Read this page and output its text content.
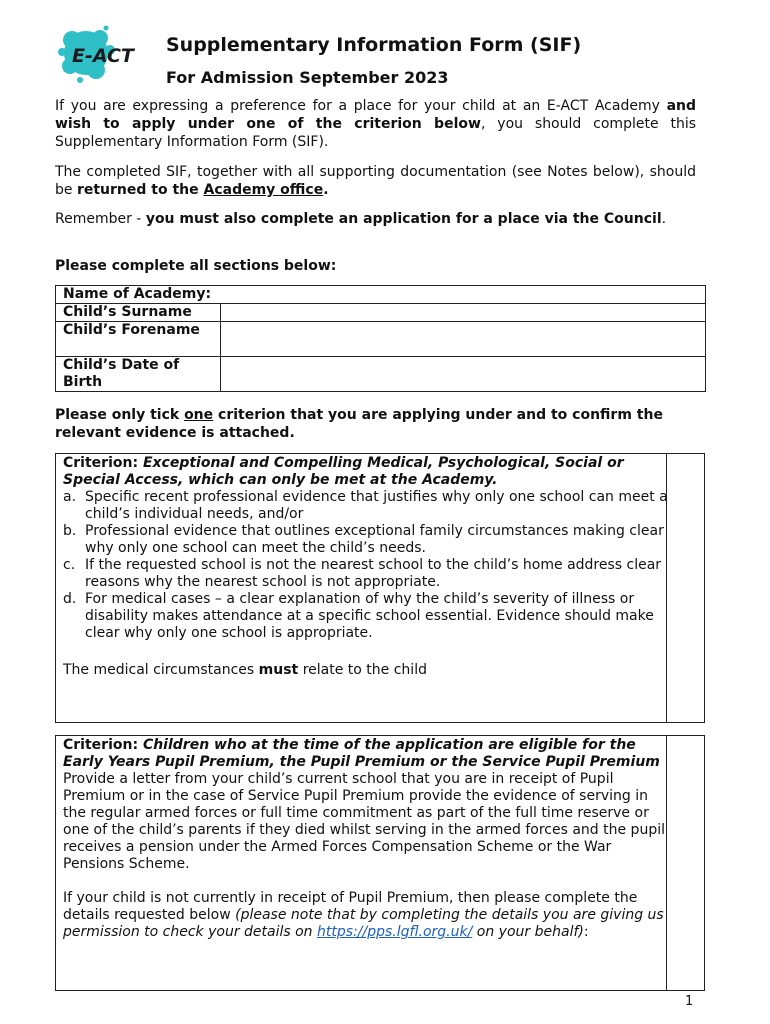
E-ACT Supplementary Information Form (SIF)
For Admission September 2023
If you are expressing a preference for a place for your child at an E-ACT Academy and wish to apply under one of the criterion below, you should complete this Supplementary Information Form (SIF).
The completed SIF, together with all supporting documentation (see Notes below), should be returned to the Academy office.
Remember - you must also complete an application for a place via the Council.
Please complete all sections below:
Name of Academy:	
Child’s Surname	
Child’s Forename	
Child’s Date of Birth	
Please only tick one criterion that you are applying under and to confirm the relevant evidence is attached.
Criterion: Exceptional and Compelling Medical, Psychological, Social or Special Access, which can only be met at the Academy.
a. Specific recent professional evidence that justifies why only one school can meet a child’s individual needs, and/or
b. Professional evidence that outlines exceptional family circumstances making clear why only one school can meet the child’s needs.
c. If the requested school is not the nearest school to the child’s home address clear reasons why the nearest school is not appropriate.
d. For medical cases – a clear explanation of why the child’s severity of illness or disability makes attendance at a specific school essential. Evidence should make clear why only one school is appropriate.
The medical circumstances must relate to the child
Criterion: Children who at the time of the application are eligible for the Early Years Pupil Premium, the Pupil Premium or the Service Pupil Premium
Provide a letter from your child’s current school that you are in receipt of Pupil Premium or in the case of Service Pupil Premium provide the evidence of serving in the regular armed forces or full time commitment as part of the full time reserve or one of the child’s parents if they died whilst serving in the armed forces and the pupil receives a pension under the Armed Forces Compensation Scheme or the War Pensions Scheme.
If your child is not currently in receipt of Pupil Premium, then please complete the details requested below (please note that by completing the details you are giving us permission to check your details on https://pps.lgfl.org.uk/ on your behalf):
1
